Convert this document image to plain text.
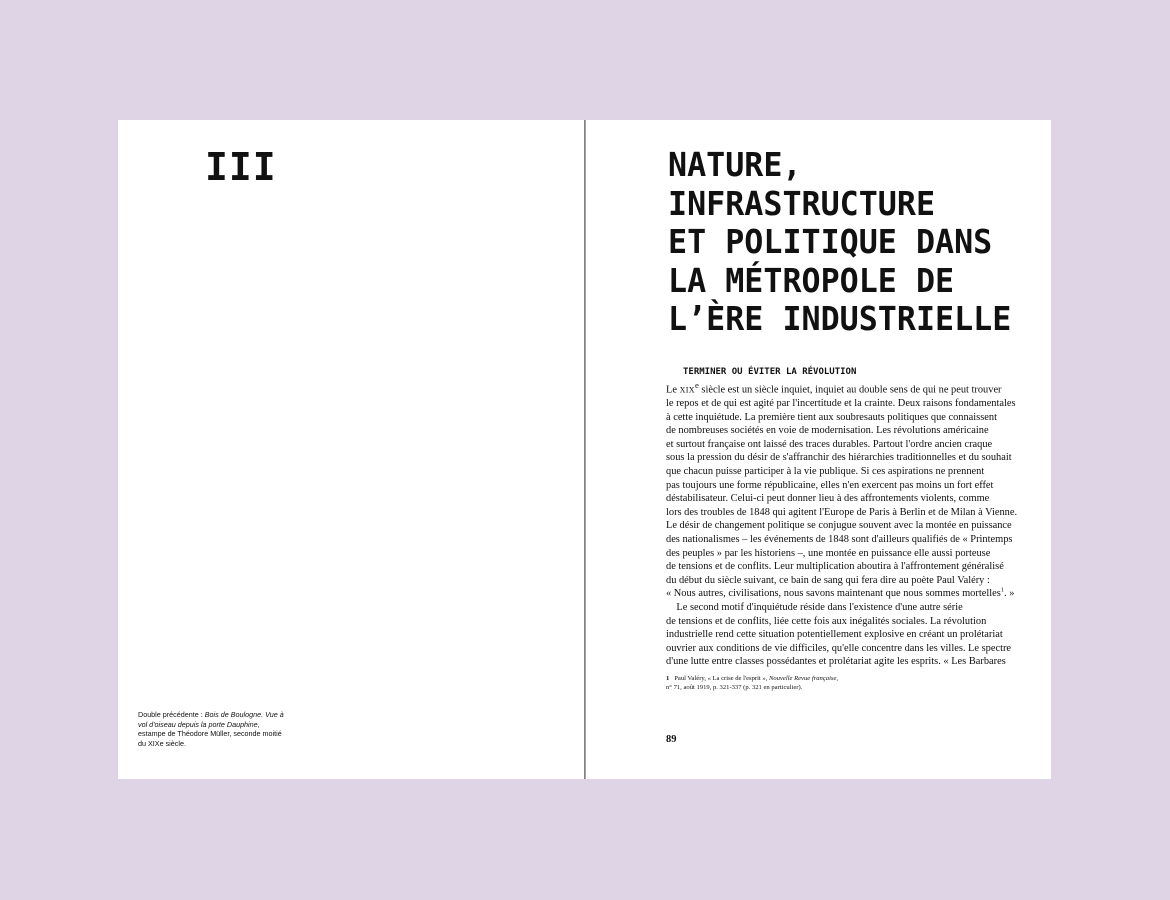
III
Double précédente : Bois de Boulogne. Vue à vol d'oiseau depuis la porte Dauphine, estampe de Théodore Müller, seconde moitié du XIXe siècle.
NATURE,
INFRASTRUCTURE
ET POLITIQUE DANS
LA MÉTROPOLE DE
L’ÈRE INDUSTRIELLE
TERMINER OU ÉVITER LA RÉVOLUTION
Le XIXe siècle est un siècle inquiet, inquiet au double sens de qui ne peut trouver
le repos et de qui est agité par l'incertitude et la crainte. Deux raisons fondamentales
à cette inquiétude. La première tient aux soubresauts politiques que connaissent
de nombreuses sociétés en voie de modernisation. Les révolutions américaine
et surtout française ont laissé des traces durables. Partout l'ordre ancien craque
sous la pression du désir de s'affranchir des hiérarchies traditionnelles et du souhait
que chacun puisse participer à la vie publique. Si ces aspirations ne prennent
pas toujours une forme républicaine, elles n'en exercent pas moins un fort effet
déstabilisateur. Celui-ci peut donner lieu à des affrontements violents, comme
lors des troubles de 1848 qui agitent l'Europe de Paris à Berlin et de Milan à Vienne.
Le désir de changement politique se conjugue souvent avec la montée en puissance
des nationalismes – les événements de 1848 sont d'ailleurs qualifiés de « Printemps
des peuples » par les historiens –, une montée en puissance elle aussi porteuse
de tensions et de conflits. Leur multiplication aboutira à l'affrontement généralisé
du début du siècle suivant, ce bain de sang qui fera dire au poète Paul Valéry :
« Nous autres, civilisations, nous savons maintenant que nous sommes mortelles$^1$. »
Le second motif d'inquiétude réside dans l'existence d'une autre série
de tensions et de conflits, liée cette fois aux inégalités sociales. La révolution
industrielle rend cette situation potentiellement explosive en créant un prolétariat
ouvrier aux conditions de vie difficiles, qu'elle concentre dans les villes. Le spectre
d'une lutte entre classes possédantes et prolétariat agite les esprits. « Les Barbares
1 Paul Valéry, « La crise de l'esprit », Nouvelle Revue française,
n° 71, août 1919, p. 321-337 (p. 321 en particulier).
89
